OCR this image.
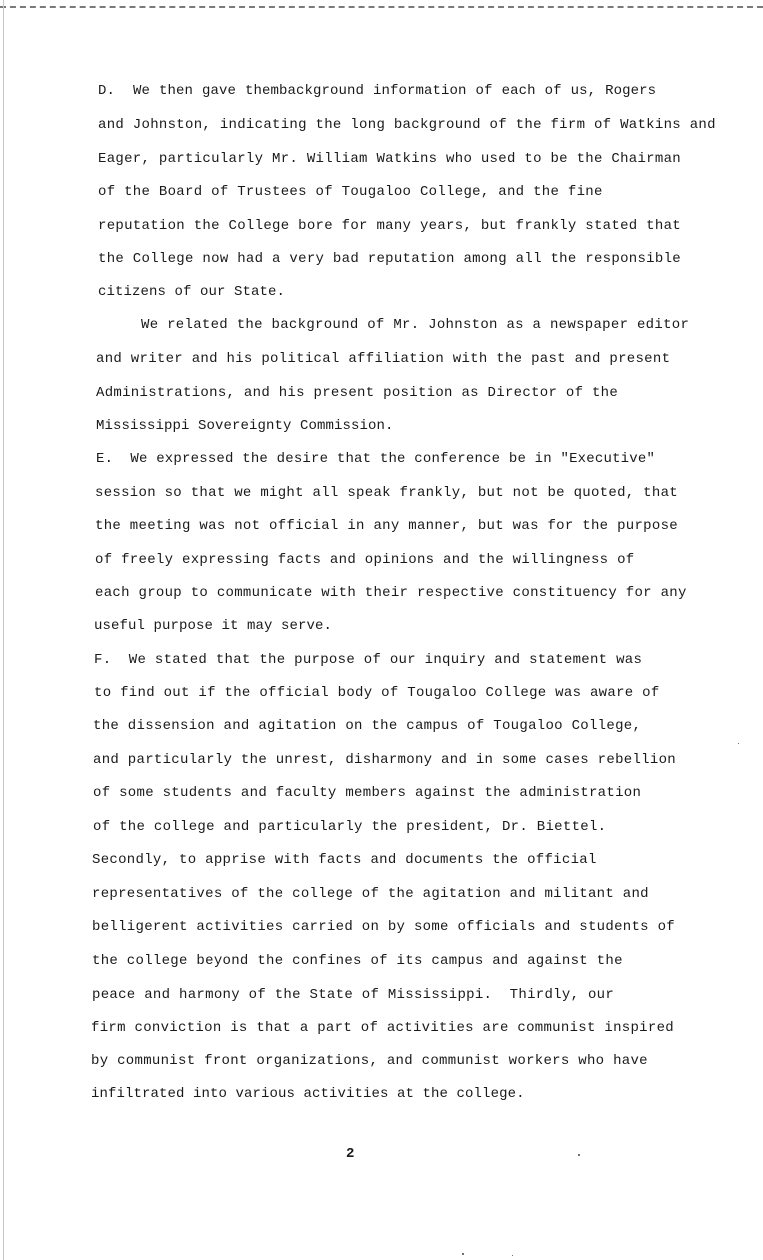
D.  We then gave thembackground information of each of us, Rogers
and Johnston, indicating the long background of the firm of Watkins and
Eager, particularly Mr. William Watkins who used to be the Chairman
of the Board of Trustees of Tougaloo College, and the fine
reputation the College bore for many years, but frankly stated that
the College now had a very bad reputation among all the responsible
citizens of our State.
We related the background of Mr. Johnston as a newspaper editor
and writer and his political affiliation with the past and present
Administrations, and his present position as Director of the
Mississippi Sovereignty Commission.
E.  We expressed the desire that the conference be in "Executive"
session so that we might all speak frankly, but not be quoted, that
the meeting was not official in any manner, but was for the purpose
of freely expressing facts and opinions and the willingness of
each group to communicate with their respective constituency for any
useful purpose it may serve.
F.  We stated that the purpose of our inquiry and statement was
to find out if the official body of Tougaloo College was aware of
the dissension and agitation on the campus of Tougaloo College,
and particularly the unrest, disharmony and in some cases rebellion
of some students and faculty members against the administration
of the college and particularly the president, Dr. Biettel.
Secondly, to apprise with facts and documents the official
representatives of the college of the agitation and militant and
belligerent activities carried on by some officials and students of
the college beyond the confines of its campus and against the
peace and harmony of the State of Mississippi.  Thirdly, our
firm conviction is that a part of activities are communist inspired
by communist front organizations, and communist workers who have
infiltrated into various activities at the college.
2
